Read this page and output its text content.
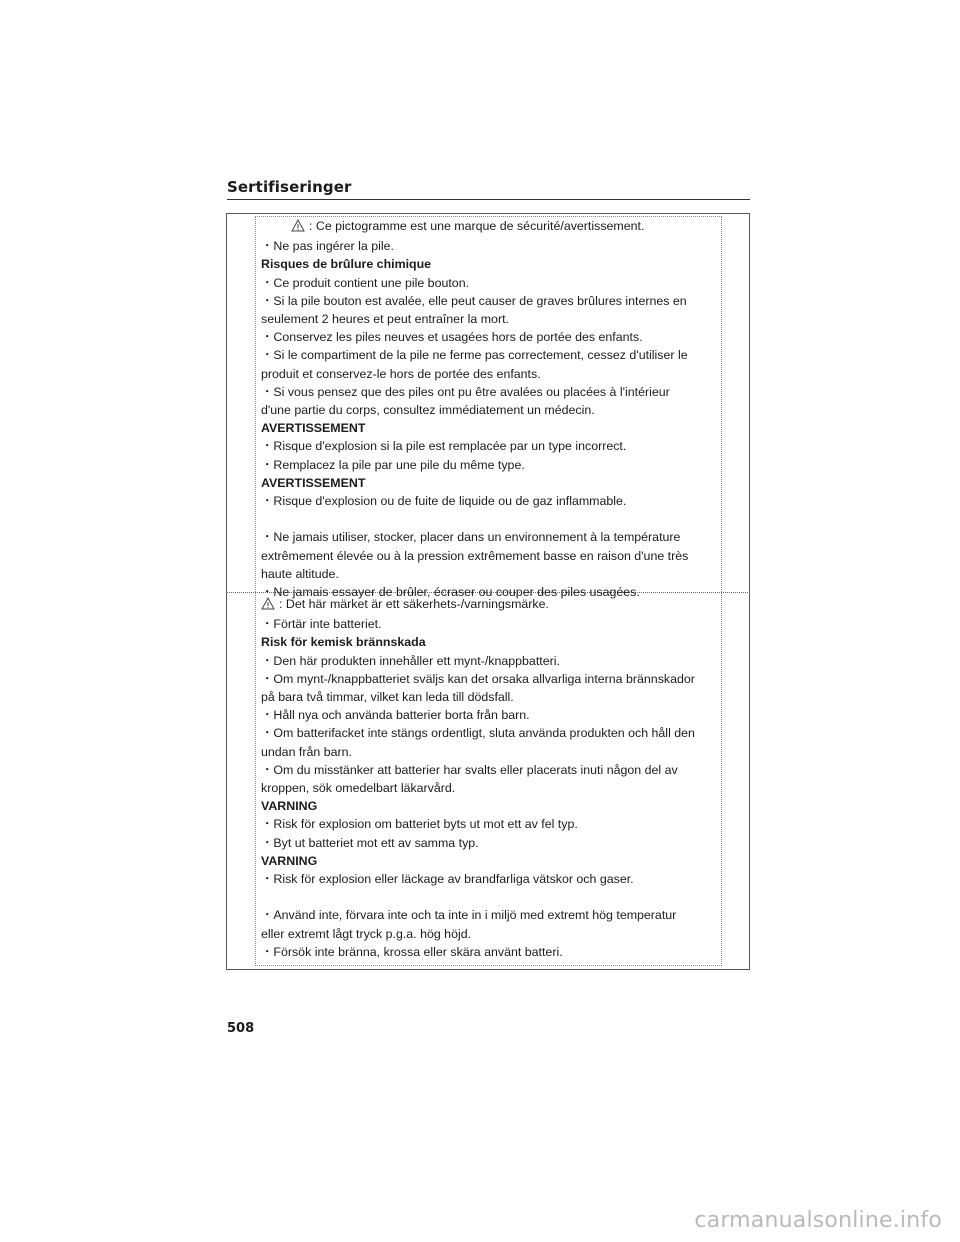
Sertifiseringer
: Ce pictogramme est une marque de sécurité/avertissement.
・Ne pas ingérer la pile.
Risques de brûlure chimique
・Ce produit contient une pile bouton.
・Si la pile bouton est avalée, elle peut causer de graves brûlures internes en
seulement 2 heures et peut entraîner la mort.
・Conservez les piles neuves et usagées hors de portée des enfants.
・Si le compartiment de la pile ne ferme pas correctement, cessez d'utiliser le
produit et conservez-le hors de portée des enfants.
・Si vous pensez que des piles ont pu être avalées ou placées à l'intérieur
d'une partie du corps, consultez immédiatement un médecin.
AVERTISSEMENT
・Risque d'explosion si la pile est remplacée par un type incorrect.
・Remplacez la pile par une pile du même type.
AVERTISSEMENT
・Risque d'explosion ou de fuite de liquide ou de gaz inflammable.
・Ne jamais utiliser, stocker, placer dans un environnement à la température
extrêmement élevée ou à la pression extrêmement basse en raison d'une très
haute altitude.
・Ne jamais essayer de brûler, écraser ou couper des piles usagées.
: Det här märket är ett säkerhets-/varningsmärke.
・Förtär inte batteriet.
Risk för kemisk brännskada
・Den här produkten innehåller ett mynt-/knappbatteri.
・Om mynt-/knappbatteriet sväljs kan det orsaka allvarliga interna brännskador
på bara två timmar, vilket kan leda till dödsfall.
・Håll nya och använda batterier borta från barn.
・Om batterifacket inte stängs ordentligt, sluta använda produkten och håll den
undan från barn.
・Om du misstänker att batterier har svalts eller placerats inuti någon del av
kroppen, sök omedelbart läkarvård.
VARNING
・Risk för explosion om batteriet byts ut mot ett av fel typ.
・Byt ut batteriet mot ett av samma typ.
VARNING
・Risk för explosion eller läckage av brandfarliga vätskor och gaser.
・Använd inte, förvara inte och ta inte in i miljö med extremt hög temperatur
eller extremt lågt tryck p.g.a. hög höjd.
・Försök inte bränna, krossa eller skära använt batteri.
508
carmanualsonline.info
